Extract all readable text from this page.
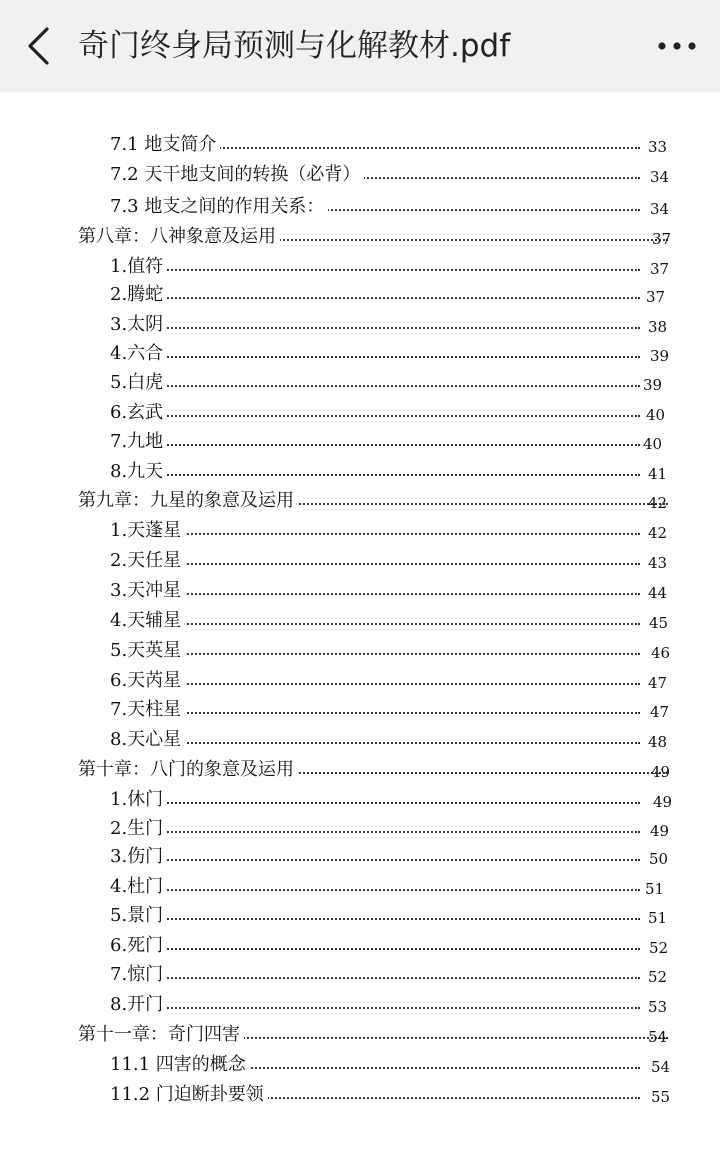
奇门终身局预测与化解教材.pdf
7.1 地支简介	33
7.2 天干地支间的转换（必背）	34
7.3 地支之间的作用关系：	34
第八章：八神象意及运用	37
1.值符	37
2.腾蛇	37
3.太阴	38
4.六合	39
5.白虎	39
6.玄武	40
7.九地	40
8.九天	41
第九章：九星的象意及运用	42
1.天蓬星	42
2.天任星	43
3.天冲星	44
4.天辅星	45
5.天英星	46
6.天芮星	47
7.天柱星	47
8.天心星	48
第十章：八门的象意及运用	49
1.休门	49
2.生门	49
3.伤门	50
4.杜门	51
5.景门	51
6.死门	52
7.惊门	52
8.开门	53
第十一章：奇门四害	54
11.1 四害的概念	54
11.2 门迫断卦要领	55
